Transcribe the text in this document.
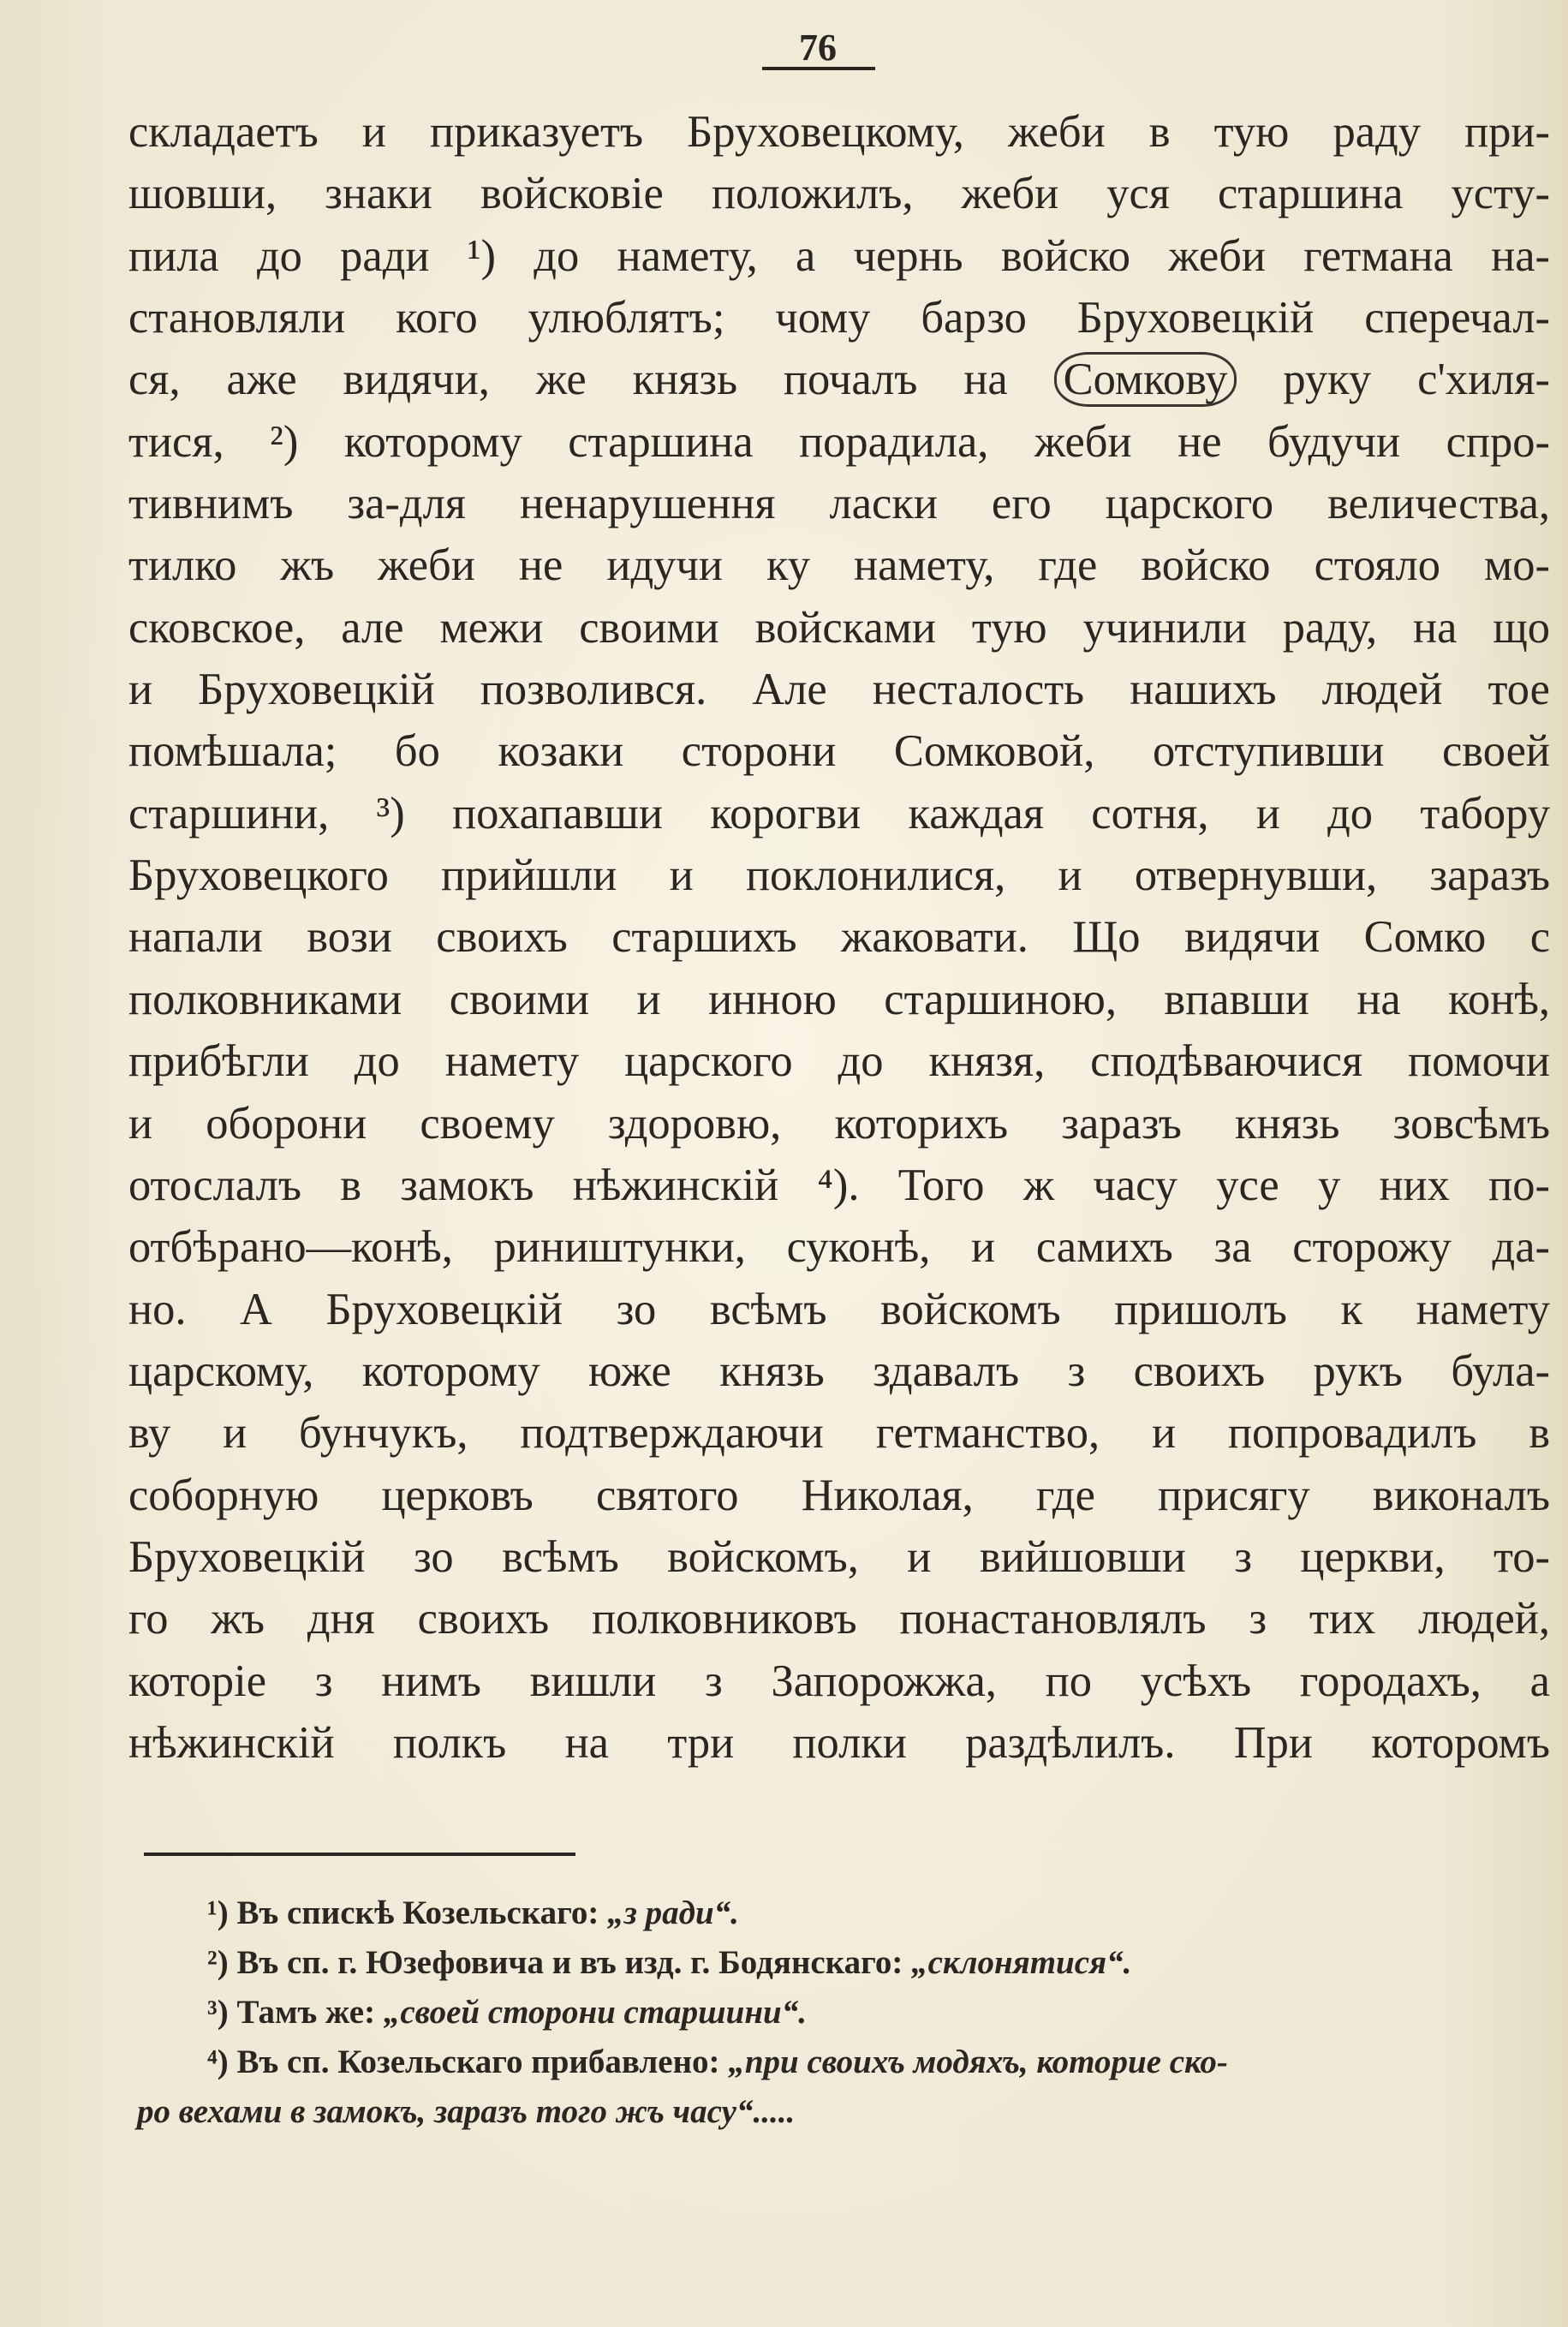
76
складаетъ и приказуетъ Бруховецкому, жеби в тую раду при-
шовши, знаки войсковіе положилъ, жеби уся старшина усту-
пила до ради ¹) до намету, а чернь войско жеби гетмана на-
становляли кого улюблятъ; чому барзо Бруховецкій сперечал-
ся, аже видячи, же князь почалъ на Сомкову руку с'хиля-
тися, ²) которому старшина порадила, жеби не будучи спро-
тивнимъ за-для ненарушення ласки его царского величества,
тилко жъ жеби не идучи ку намету, где войско стояло мо-
сковское, але межи своими войсками тую учинили раду, на що
и Бруховецкій позволився. Але несталость нашихъ людей тое
помѣшала; бо козаки сторони Сомковой, отступивши своей
старшини, ³) похапавши корогви каждая сотня, и до табору
Бруховецкого прийшли и поклонилися, и отвернувши, заразъ
напали вози своихъ старшихъ жаковати. Що видячи Сомко с
полковниками своими и инною старшиною, впавши на конѣ,
прибѣгли до намету царского до князя, сподѣваючися помочи
и оборони своему здоровю, которихъ заразъ князь зовсѣмъ
отослалъ в замокъ нѣжинскій ⁴). Того ж часу усе у них по-
отбѣрано—конѣ, риништунки, суконѣ, и самихъ за сторожу да-
но. А Бруховецкій зо всѣмъ войскомъ пришолъ к намету
царскому, которому юже князь здавалъ з своихъ рукъ була-
ву и бунчукъ, подтверждаючи гетманство, и попровадилъ в
соборную церковъ святого Николая, где присягу виконалъ
Бруховецкій зо всѣмъ войскомъ, и вийшовши з церкви, то-
го жъ дня своихъ полковниковъ понастановлялъ з тих людей,
которіе з нимъ вишли з Запорожжа, по усѣхъ городахъ, а
нѣжинскій полкъ на три полки раздѣлилъ. При которомъ
¹) Въ спискѣ Козельскаго: „з ради“.
²) Въ сп. г. Юзефовича и въ изд. г. Бодянскаго: „склонятися“.
³) Тамъ же: „своей сторони старшини“.
⁴) Въ сп. Козельскаго прибавлено: „при своихъ модяхъ, которие ско-
ро вехами в замокъ, заразъ того жъ часу“.....
